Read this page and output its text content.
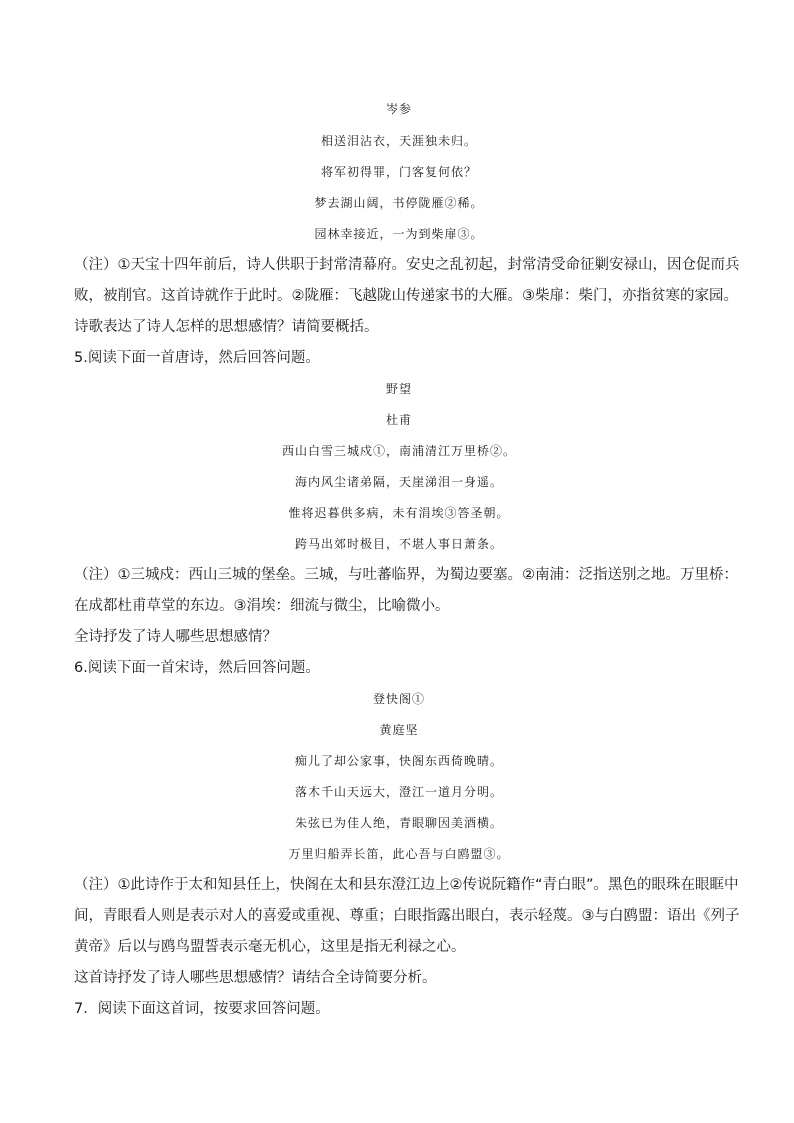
岑参

相送泪沾衣，天涯独未归。

将军初得罪，门客复何依？

梦去湖山阔，书停陇雁②稀。

园林幸接近，一为到柴扉③。

（注）①天宝十四年前后，诗人供职于封常清幕府。安史之乱初起，封常清受命征剿安禄山，因仓促而兵

败，被削官。这首诗就作于此时。②陇雁：飞越陇山传递家书的大雁。③柴扉：柴门，亦指贫寒的家园。

诗歌表达了诗人怎样的思想感情？请简要概括。

5.阅读下面一首唐诗，然后回答问题。

野望

杜甫

西山白雪三城戍①，南浦清江万里桥②。

海内风尘诸弟隔，天崖涕泪一身遥。

惟将迟暮供多病，未有涓埃③答圣朝。

跨马出郊时极目，不堪人事日萧条。

（注）①三城戍：西山三城的堡垒。三城，与吐蕃临界，为蜀边要塞。②南浦：泛指送别之地。万里桥：

在成都杜甫草堂的东边。③涓埃：细流与微尘，比喻微小。

全诗抒发了诗人哪些思想感情？

6.阅读下面一首宋诗，然后回答问题。

登快阁①

黄庭坚

痴儿了却公家事，快阁东西倚晚晴。

落木千山天远大，澄江一道月分明。

朱弦已为佳人绝，青眼聊因美酒横。

万里归船弄长笛，此心吾与白鸥盟③。

（注）①此诗作于太和知县任上，快阁在太和县东澄江边上②传说阮籍作“青白眼”。黑色的眼珠在眼眶中

间，青眼看人则是表示对人的喜爱或重视、尊重；白眼指露出眼白，表示轻蔑。③与白鸥盟：语出《列子

黄帝》后以与鸥鸟盟誓表示毫无机心，这里是指无利禄之心。

这首诗抒发了诗人哪些思想感情？请结合全诗简要分析。

7．阅读下面这首词，按要求回答问题。
